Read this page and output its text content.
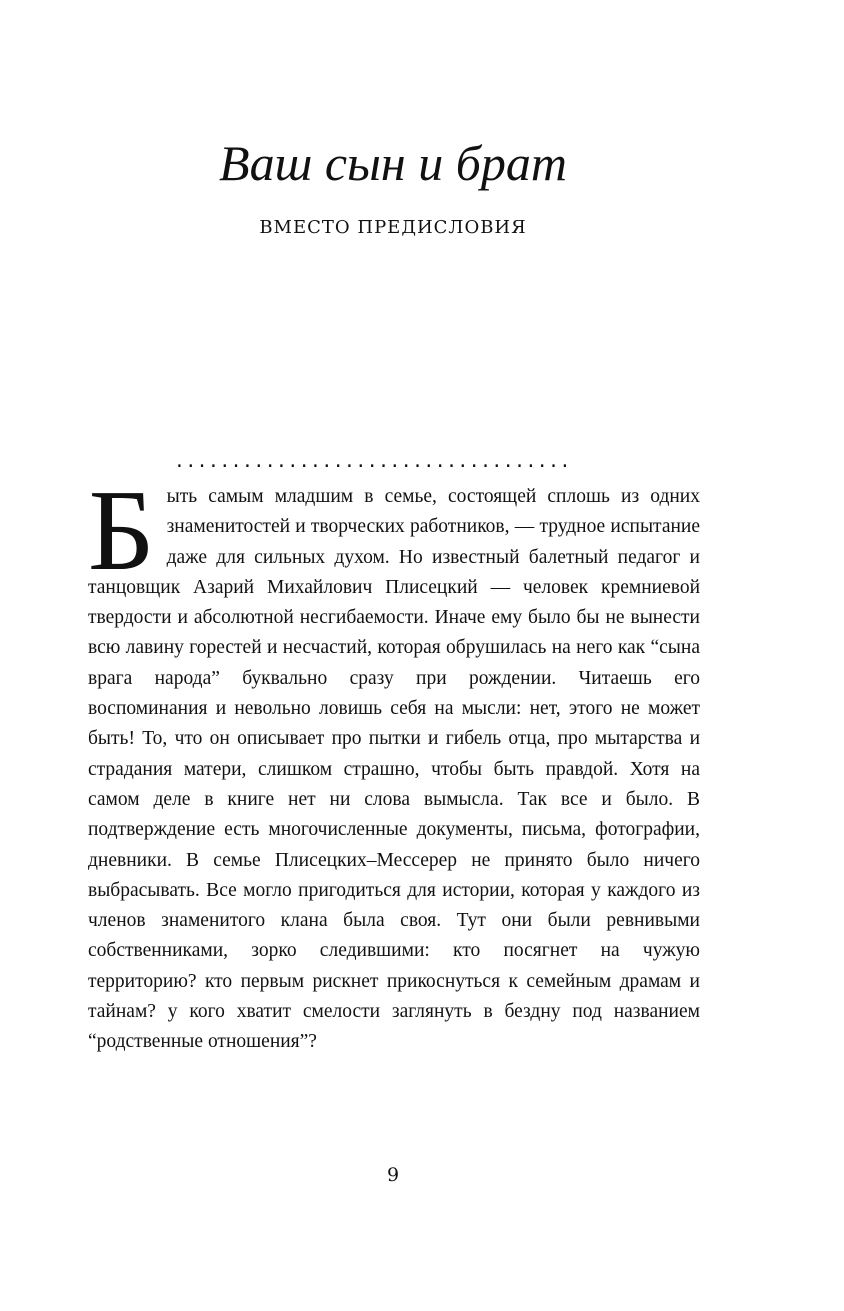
Ваш сын и брат
ВМЕСТО ПРЕДИСЛОВИЯ
...................................
Б ыть самым младшим в семье, состоящей сплошь из одних знаменитостей и творческих работников, — трудное испытание даже для сильных духом. Но известный балетный педагог и танцовщик Азарий Михайлович Плисецкий — человек кремниевой твердости и абсолютной несгибаемости. Иначе ему было бы не вынести всю лавину горестей и несчастий, которая обрушилась на него как “сына врага народа” буквально сразу при рождении. Читаешь его воспоминания и невольно ловишь себя на мысли: нет, этого не может быть! То, что он описывает про пытки и гибель отца, про мытарства и страдания матери, слишком страшно, чтобы быть правдой. Хотя на самом деле в книге нет ни слова вымысла. Так все и было. В подтверждение есть многочисленные документы, письма, фотографии, дневники. В семье Плисецких–Мессерер не принято было ничего выбрасывать. Все могло пригодиться для истории, которая у каждого из членов знаменитого клана была своя. Тут они были ревнивыми собственниками, зорко следившими: кто посягнет на чужую территорию? кто первым рискнет прикоснуться к семейным драмам и тайнам? у кого хватит смелости заглянуть в бездну под названием “родственные отношения”?

9
